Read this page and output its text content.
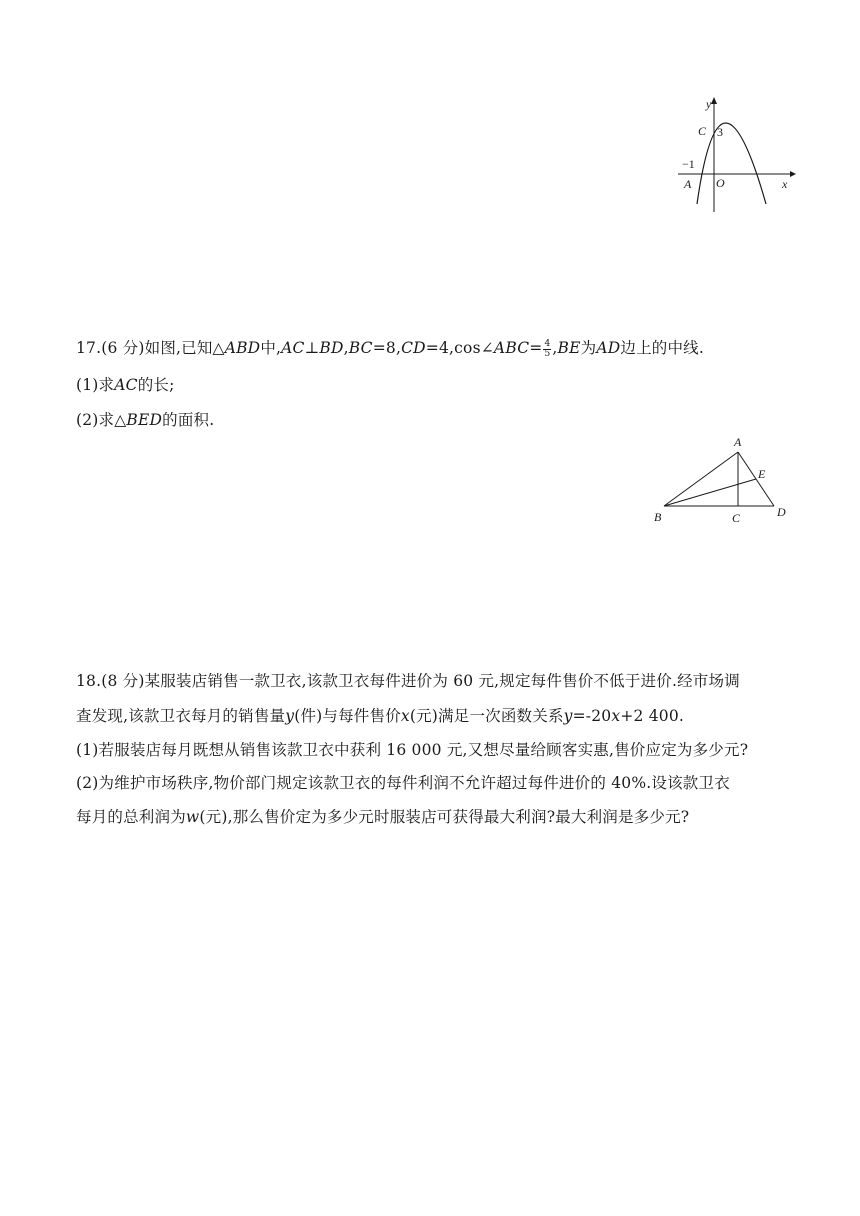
y
x
C 3
−1
A O
17.(6 分)如图,已知△ABD中,AC⊥BD,BC=8,CD=4,cos∠ABC= $\frac{4}{5} ,BE$为AD边上的中线.
(1)求AC的长;
(2)求△BED的面积.
A
B	C	D
E
18.(8 分)某服装店销售一款卫衣,该款卫衣每件进价为 60 元,规定每件售价不低于进价.经市场调
查发现,该款卫衣每月的销售量y(件)与每件售价x(元)满足一次函数关系y=-20x+2 400.
(1)若服装店每月既想从销售该款卫衣中获利 16 000 元,又想尽量给顾客实惠,售价应定为多少元?
(2)为维护市场秩序,物价部门规定该款卫衣的每件利润不允许超过每件进价的 40%.设该款卫衣
每月的总利润为w(元),那么售价定为多少元时服装店可获得最大利润?最大利润是多少元?
